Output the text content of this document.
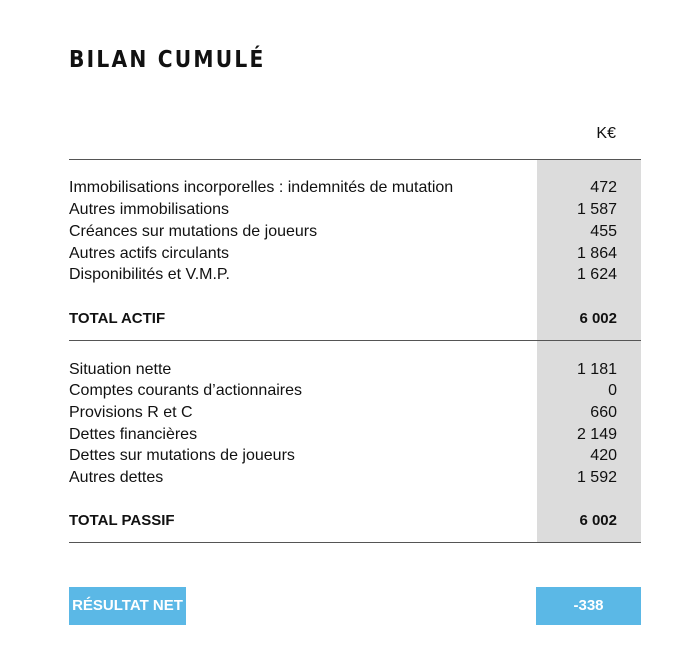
BILAN CUMULÉ
K€
Immobilisations incorporelles : indemnités de mutation	472
Autres immobilisations	1 587
Créances sur mutations de joueurs	455
Autres actifs circulants	1 864
Disponibilités et V.M.P.	1 624
TOTAL ACTIF	6 002
Situation nette	1 181
Comptes courants d’actionnaires	0
Provisions R et C	660
Dettes financières	2 149
Dettes sur mutations de joueurs	420
Autres dettes	1 592
TOTAL PASSIF	6 002
RÉSULTAT NET	-338
